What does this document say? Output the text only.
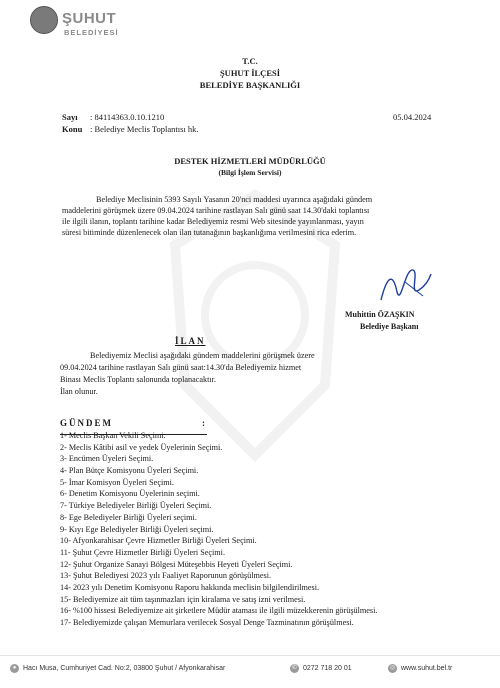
ŞUHUT
BELEDİYESİ
T.C.
ŞUHUT İLÇESİ
BELEDİYE BAŞKANLIĞI
Sayı : 84114363.0.10.1210
Konu : Belediye Meclis Toplantısı hk.
05.04.2024
DESTEK HİZMETLERİ MÜDÜRLÜĞÜ
(Bilgi İşlem Servisi)
Belediye Meclisinin 5393 Sayılı Yasanın 20'nci maddesi uyarınca aşağıdaki gündem
maddelerini görüşmek üzere 09.04.2024 tarihine rastlayan Salı günü saat 14.30'daki toplantısı
ile ilgili ilanın, toplantı tarihine kadar Belediyemiz resmi Web sitesinde yayınlanması, yayın
süresi bitiminde düzenlenecek olan ilan tutanağının başkanlığıma verilmesini rica ederim.
Muhittin ÖZAŞKIN
Belediye Başkanı
İLAN
Belediyemiz Meclisi aşağıdaki gündem maddelerini görüşmek üzere
09.04.2024 tarihine rastlayan Salı günü saat:14.30'da Belediyemiz hizmet
Binası Meclis Toplantı salonunda toplanacaktır.
İlan olunur.
GÜNDEM	:
1- Meclis Başkan Vekili Seçimi.
2- Meclis Kâtibi asil ve yedek Üyelerinin Seçimi.
3- Encümen Üyeleri Seçimi.
4- Plan Bütçe Komisyonu Üyeleri Seçimi.
5- İmar Komisyon Üyeleri Seçimi.
6- Denetim Komisyonu Üyelerinin seçimi.
7- Türkiye Belediyeler Birliği Üyeleri Seçimi.
8- Ege Belediyeler Birliği Üyeleri seçimi.
9- Kıyı Ege Belediyeler Birliği Üyeleri seçimi.
10- Afyonkarahisar Çevre Hizmetler Birliği Üyeleri Seçimi.
11- Şuhut Çevre Hizmetler Birliği Üyeleri Seçimi.
12- Şuhut Organize Sanayi Bölgesi Müteşebbis Heyeti Üyeleri Seçimi.
13- Şuhut Belediyesi 2023 yılı Faaliyet Raporunun görüşülmesi.
14- 2023 yılı Denetim Komisyonu Raporu hakkında meclisin bilgilendirilmesi.
15- Belediyemize ait tüm taşınmazları için kiralama ve satış izni verilmesi.
16- %100 hissesi Belediyemize ait şirketlere Müdür ataması ile ilgili müzekkerenin görüşülmesi.
17- Belediyemizde çalışan Memurlara verilecek Sosyal Denge Tazminatının görüşülmesi.
● Hacı Musa, Cumhuriyet Cad. No:2, 03800 Şuhut / Afyonkarahisar	✆ 0272 718 20 01	◎ www.suhut.bel.tr
